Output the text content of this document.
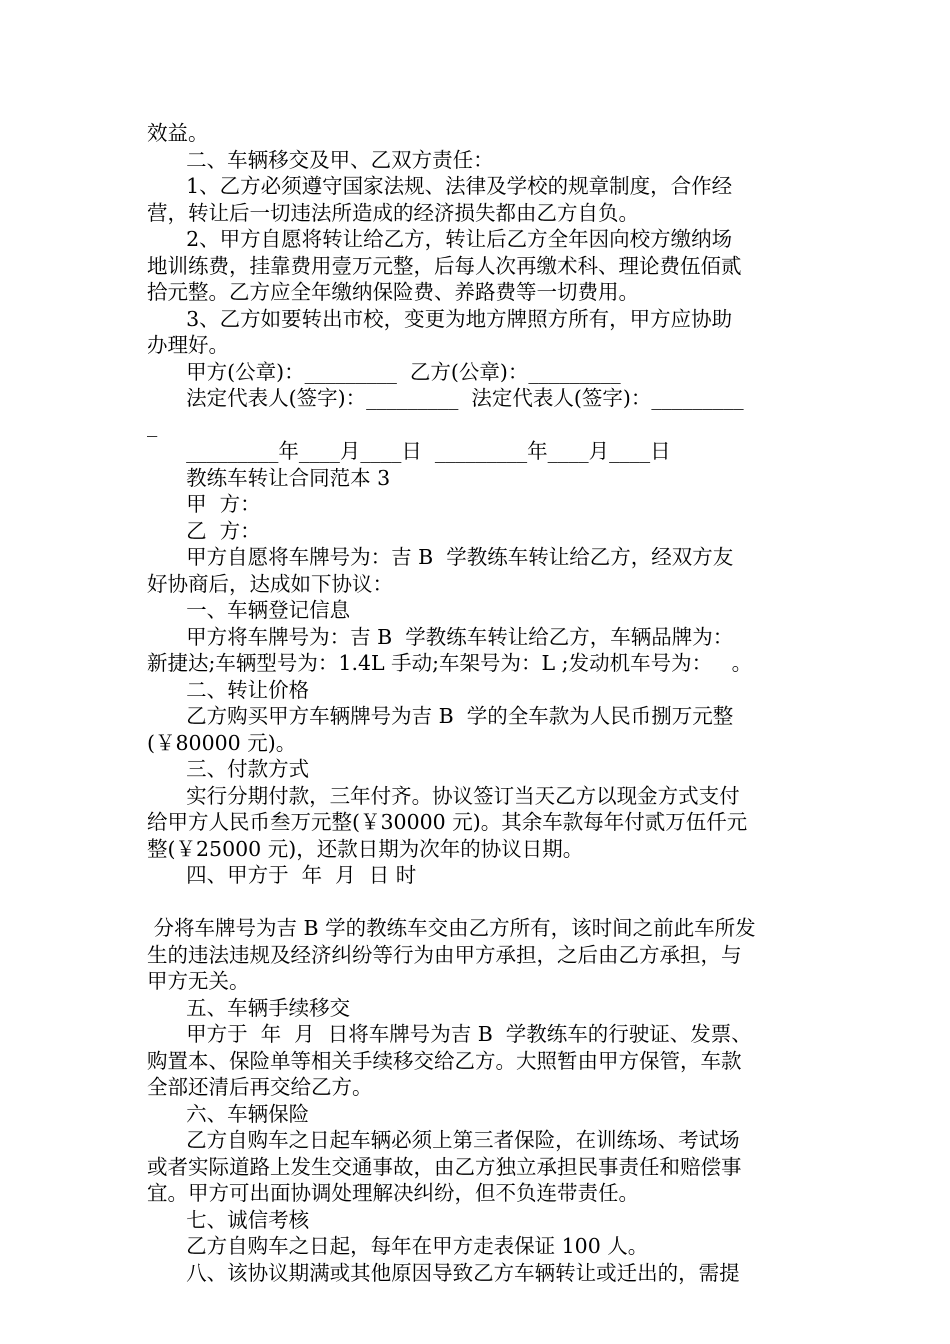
效益。
二、车辆移交及甲、乙双方责任：
1、乙方必须遵守国家法规、法律及学校的规章制度，合作经
营，转让后一切违法所造成的经济损失都由乙方自负。
2、甲方自愿将转让给乙方，转让后乙方全年因向校方缴纳场
地训练费，挂靠费用壹万元整，后每人次再缴术科、理论费伍佰贰
拾元整。乙方应全年缴纳保险费、养路费等一切费用。
3、乙方如要转出市校，变更为地方牌照方所有，甲方应协助
办理好。
甲方(公章)：_________  乙方(公章)：_________
法定代表人(签字)：_________  法定代表人(签字)：_________
_
_________年____月____日  _________年____月____日
教练车转让合同范本 3
甲  方：
乙  方：
甲方自愿将车牌号为：吉 B  学教练车转让给乙方，经双方友
好协商后，达成如下协议：
一、车辆登记信息
甲方将车牌号为：吉 B  学教练车转让给乙方，车辆品牌为：
新捷达;车辆型号为：1.4L 手动;车架号为：L ;发动机车号为：   。
二、转让价格
乙方购买甲方车辆牌号为吉 B  学的全车款为人民币捌万元整
(￥80000 元)。
三、付款方式
实行分期付款，三年付齐。协议签订当天乙方以现金方式支付
给甲方人民币叁万元整(￥30000 元)。其余车款每年付贰万伍仟元
整(￥25000 元)，还款日期为次年的协议日期。
四、甲方于  年  月  日 时
分将车牌号为吉 B 学的教练车交由乙方所有，该时间之前此车所发
生的违法违规及经济纠纷等行为由甲方承担，之后由乙方承担，与
甲方无关。
五、车辆手续移交
甲方于  年  月  日将车牌号为吉 B  学教练车的行驶证、发票、
购置本、保险单等相关手续移交给乙方。大照暂由甲方保管，车款
全部还清后再交给乙方。
六、车辆保险
乙方自购车之日起车辆必须上第三者保险，在训练场、考试场
或者实际道路上发生交通事故，由乙方独立承担民事责任和赔偿事
宜。甲方可出面协调处理解决纠纷，但不负连带责任。
七、诚信考核
乙方自购车之日起，每年在甲方走表保证 100 人。
八、该协议期满或其他原因导致乙方车辆转让或迁出的，需提
